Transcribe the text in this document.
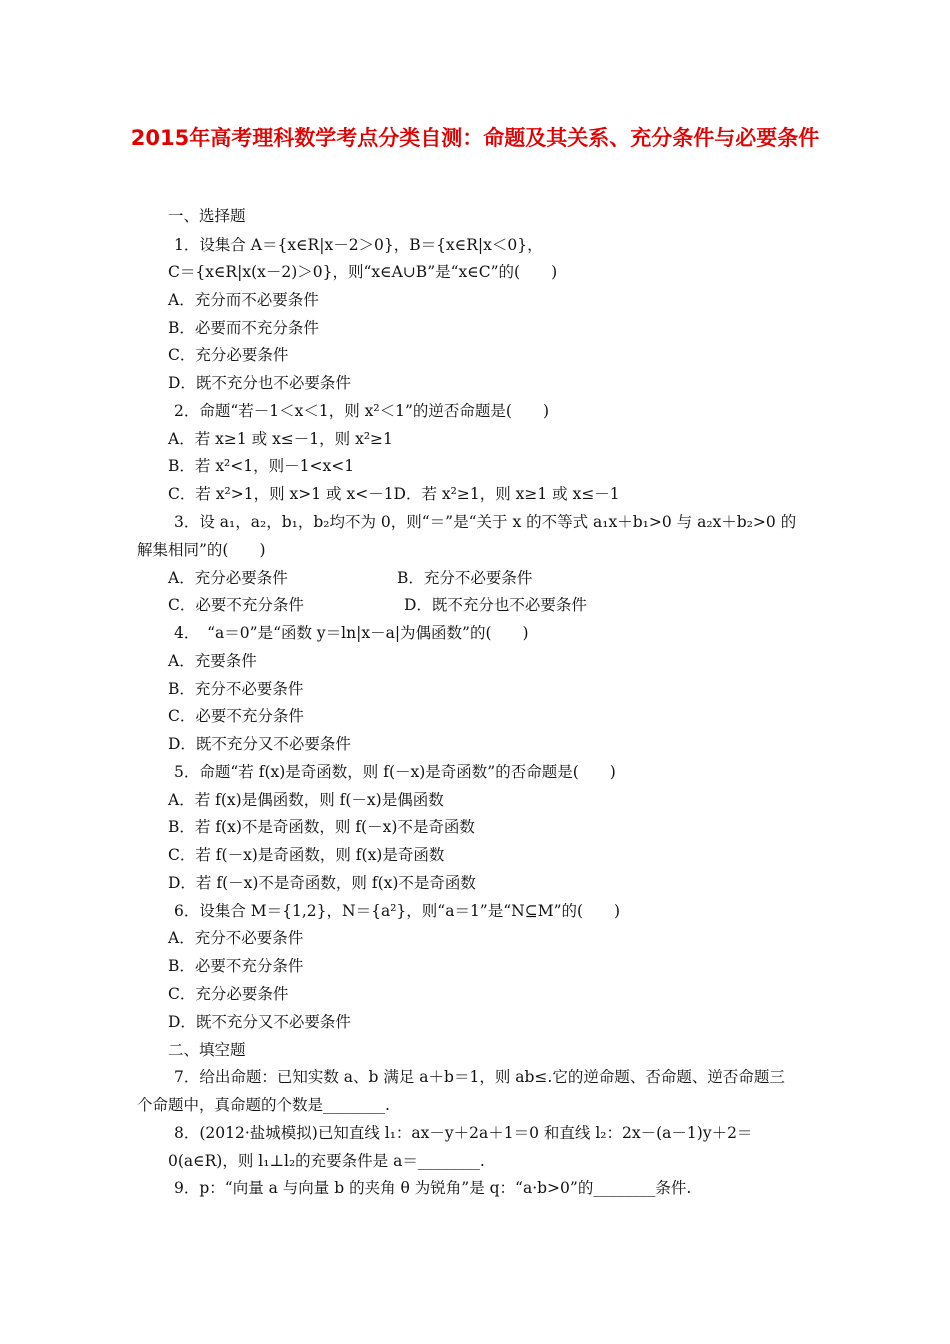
2015年高考理科数学考点分类自测：命题及其关系、充分条件与必要条件
一、选择题
1．设集合 A＝{x∈R|x－2＞0}，B＝{x∈R|x＜0}，
C＝{x∈R|x(x－2)＞0}，则“x∈A∪B”是“x∈C”的(　　)
A．充分而不必要条件
B．必要而不充分条件
C．充分必要条件
D．既不充分也不必要条件
2．命题“若－1＜x＜1，则 x²＜1”的逆否命题是(　　)
A．若 x≥1 或 x≤－1，则 x²≥1
B．若 x²<1，则－1<x<1
C．若 x²>1，则 x>1 或 x<－1D．若 x²≥1，则 x≥1 或 x≤－1
3．设 a₁，a₂，b₁，b₂均不为 0，则“＝”是“关于 x 的不等式 a₁x＋b₁>0 与 a₂x＋b₂>0 的
解集相同”的(　　)
A．充分必要条件	B．充分不必要条件
C．必要不充分条件	D．既不充分也不必要条件
4．　“a＝0”是“函数 y＝ln|x－a|为偶函数”的(　　)
A．充要条件
B．充分不必要条件
C．必要不充分条件
D．既不充分又不必要条件
5．命题“若 f(x)是奇函数，则 f(－x)是奇函数”的否命题是(　　)
A．若 f(x)是偶函数，则 f(－x)是偶函数
B．若 f(x)不是奇函数，则 f(－x)不是奇函数
C．若 f(－x)是奇函数，则 f(x)是奇函数
D．若 f(－x)不是奇函数，则 f(x)不是奇函数
6．设集合 M＝{1,2}，N＝{a²}，则“a＝1”是“N⊆M”的(　　)
A．充分不必要条件
B．必要不充分条件
C．充分必要条件
D．既不充分又不必要条件
二、填空题
7．给出命题：已知实数 a、b 满足 a＋b＝1，则 ab≤.它的逆命题、否命题、逆否命题三
个命题中，真命题的个数是________.
8．(2012·盐城模拟)已知直线 l₁：ax－y＋2a＋1＝0 和直线 l₂：2x－(a－1)y＋2＝
0(a∈R)，则 l₁⊥l₂的充要条件是 a＝________.
9．p：“向量 a 与向量 b 的夹角 θ 为锐角”是 q：“a·b>0”的________条件.
